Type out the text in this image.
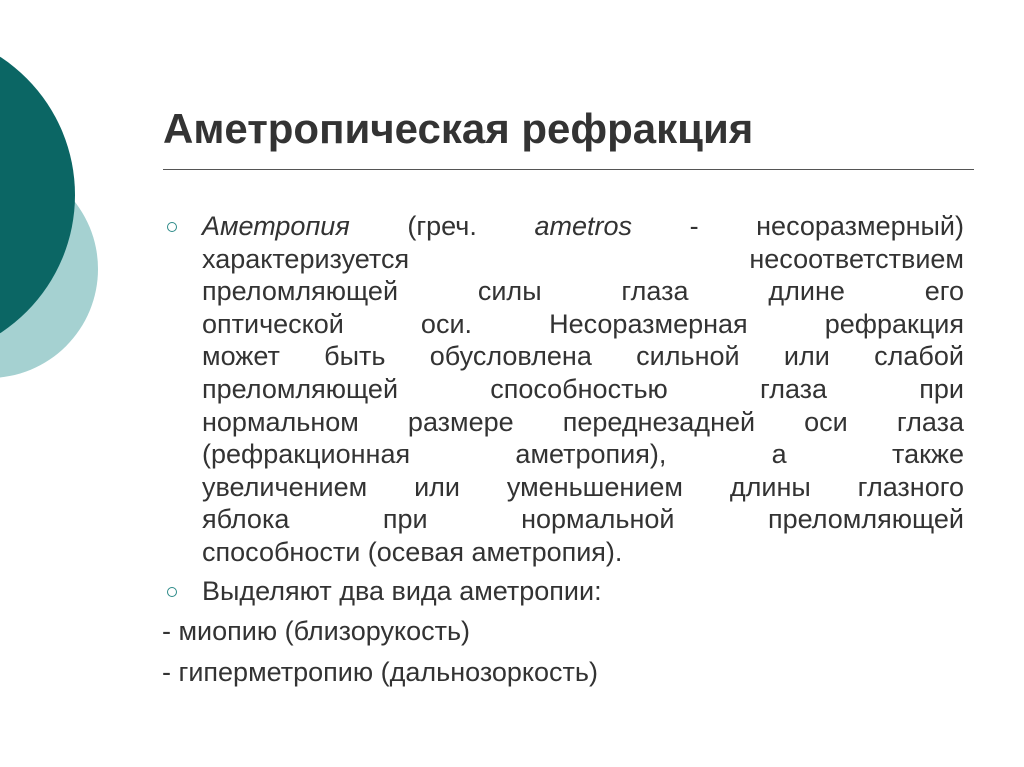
Аметропическая рефракция
Аметропия (греч. ametros - несоразмерный)
характеризуется несоответствием
преломляющей силы глаза длине его
оптической оси. Несоразмерная рефракция
может быть обусловлена сильной или слабой
преломляющей способностью глаза при
нормальном размере переднезадней оси глаза
(рефракционная аметропия), а также
увеличением или уменьшением длины глазного
яблока при нормальной преломляющей
способности (осевая аметропия).
Выделяют два вида аметропии:
- миопию (близорукость)
- гиперметропию (дальнозоркость)
